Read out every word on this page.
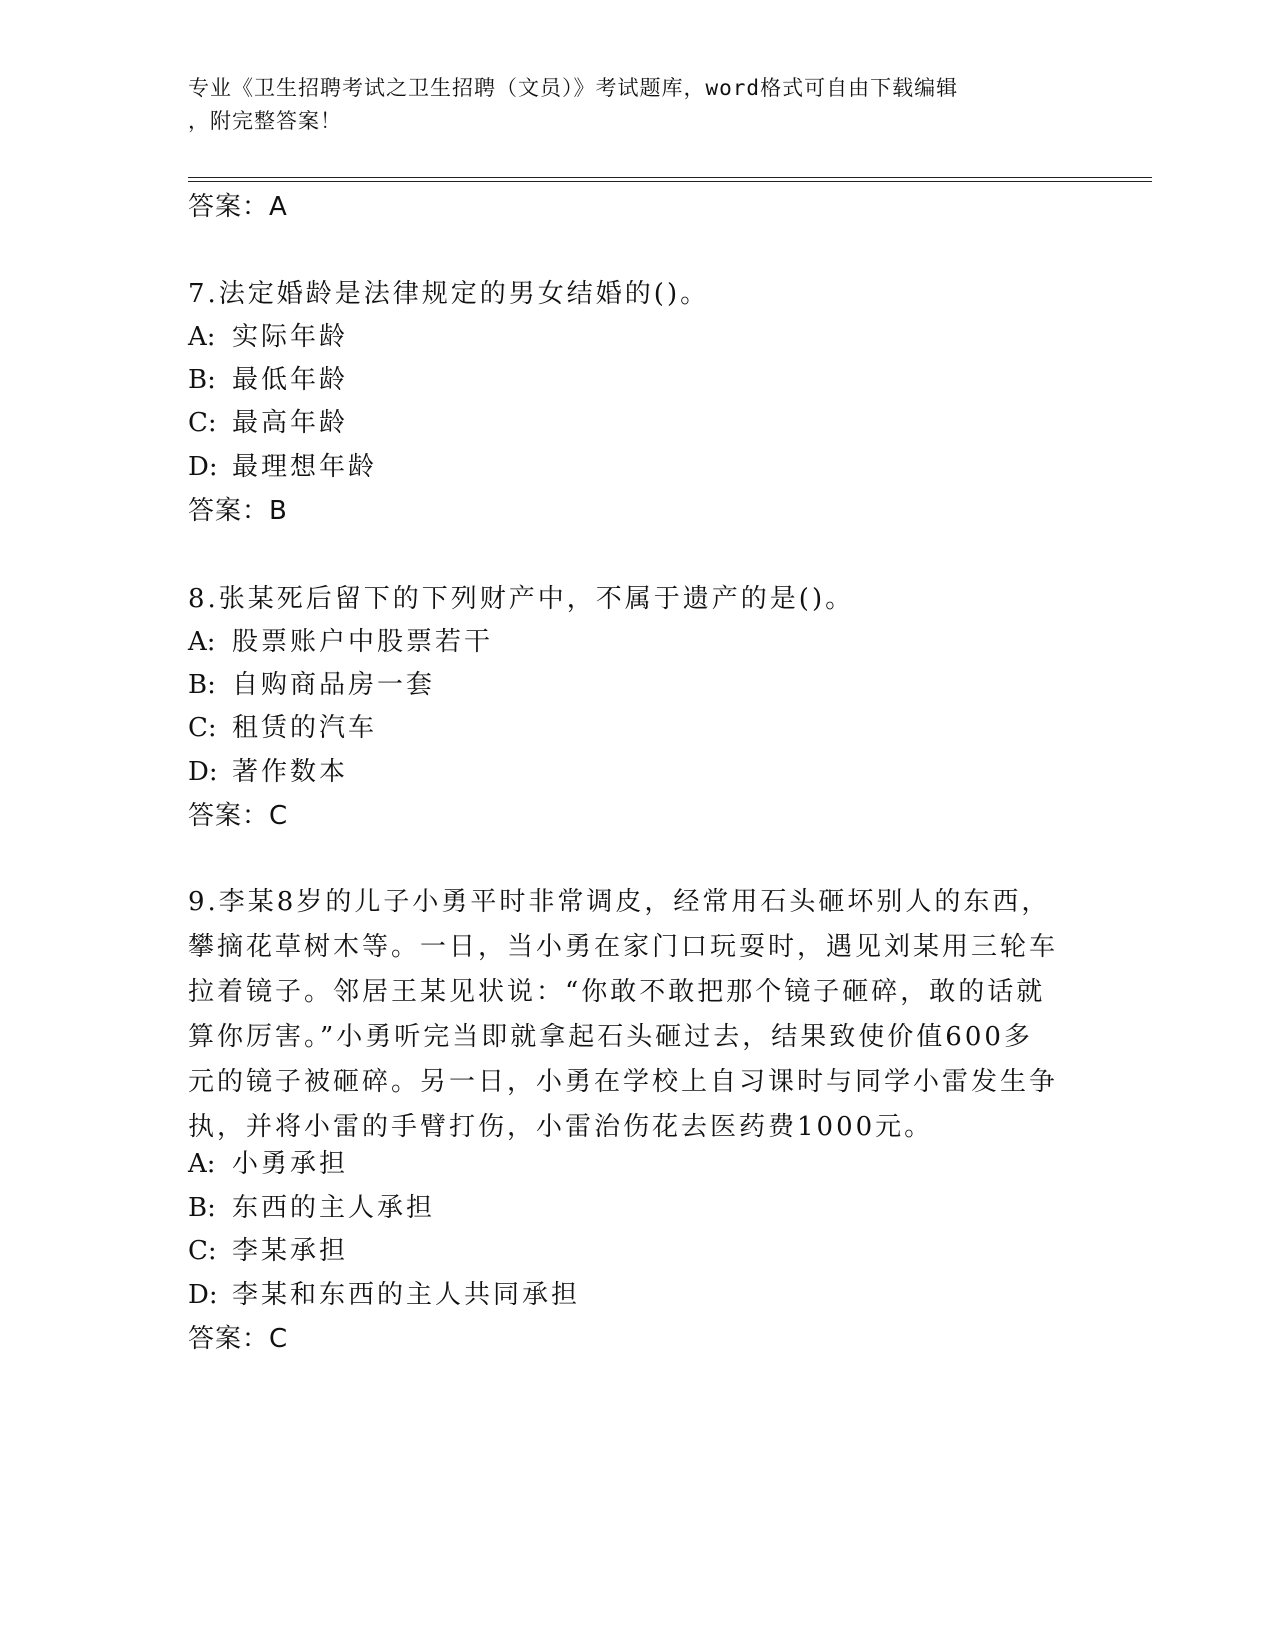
专业《卫生招聘考试之卫生招聘（文员）》考试题库，word格式可自由下载编辑
，附完整答案！
答案：A
7.法定婚龄是法律规定的男女结婚的()。
A: 实际年龄
B: 最低年龄
C: 最高年龄
D: 最理想年龄
答案：B
8.张某死后留下的下列财产中，不属于遗产的是()。
A: 股票账户中股票若干
B: 自购商品房一套
C: 租赁的汽车
D: 著作数本
答案：C
9.李某8岁的儿子小勇平时非常调皮，经常用石头砸坏别人的东西，
攀摘花草树木等。一日，当小勇在家门口玩耍时，遇见刘某用三轮车
拉着镜子。邻居王某见状说：“你敢不敢把那个镜子砸碎，敢的话就
算你厉害。”小勇听完当即就拿起石头砸过去，结果致使价值600多
元的镜子被砸碎。另一日，小勇在学校上自习课时与同学小雷发生争
执，并将小雷的手臂打伤，小雷治伤花去医药费1000元。
A: 小勇承担
B: 东西的主人承担
C: 李某承担
D: 李某和东西的主人共同承担
答案：C
